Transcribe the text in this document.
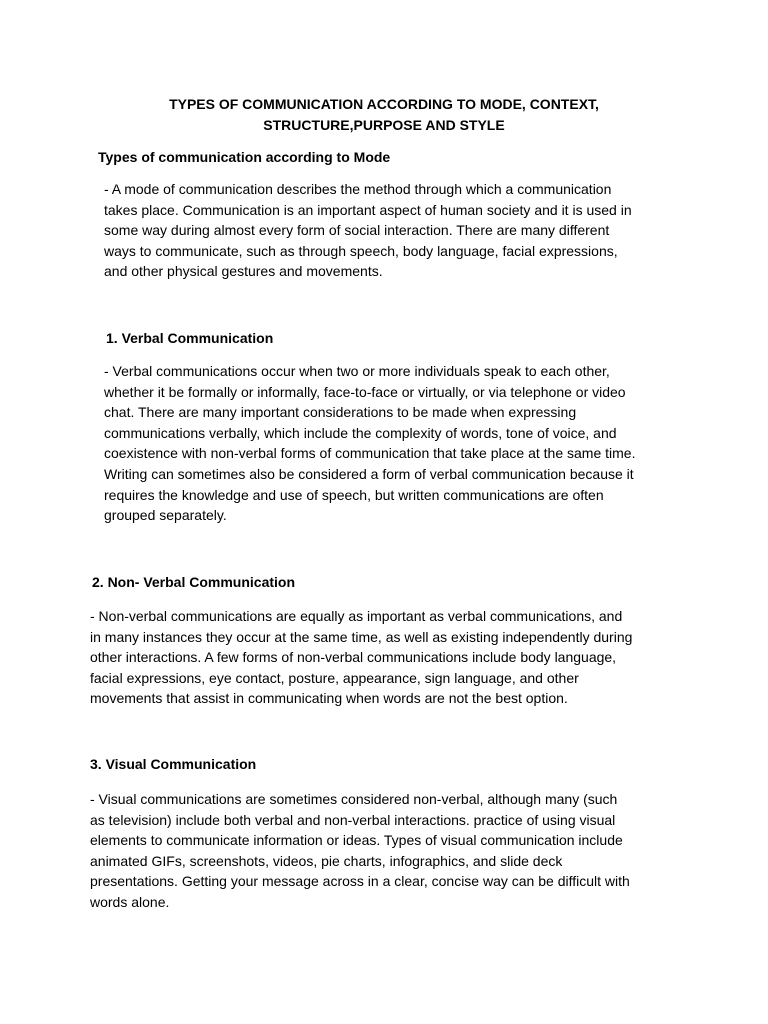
TYPES OF COMMUNICATION ACCORDING TO MODE, CONTEXT,
STRUCTURE,PURPOSE AND STYLE
Types of communication according to Mode

- A mode of communication describes the method through which a communication
takes place. Communication is an important aspect of human society and it is used in
some way during almost every form of social interaction. There are many different
ways to communicate, such as through speech, body language, facial expressions,
and other physical gestures and movements.

1. Verbal Communication

- Verbal communications occur when two or more individuals speak to each other,
whether it be formally or informally, face-to-face or virtually, or via telephone or video
chat. There are many important considerations to be made when expressing
communications verbally, which include the complexity of words, tone of voice, and
coexistence with non-verbal forms of communication that take place at the same time.
Writing can sometimes also be considered a form of verbal communication because it
requires the knowledge and use of speech, but written communications are often
grouped separately.

2. Non- Verbal Communication

- Non-verbal communications are equally as important as verbal communications, and
in many instances they occur at the same time, as well as existing independently during
other interactions. A few forms of non-verbal communications include body language,
facial expressions, eye contact, posture, appearance, sign language, and other
movements that assist in communicating when words are not the best option.

3. Visual Communication

- Visual communications are sometimes considered non-verbal, although many (such
as television) include both verbal and non-verbal interactions. practice of using visual
elements to communicate information or ideas. Types of visual communication include
animated GIFs, screenshots, videos, pie charts, infographics, and slide deck
presentations. Getting your message across in a clear, concise way can be difficult with
words alone.
